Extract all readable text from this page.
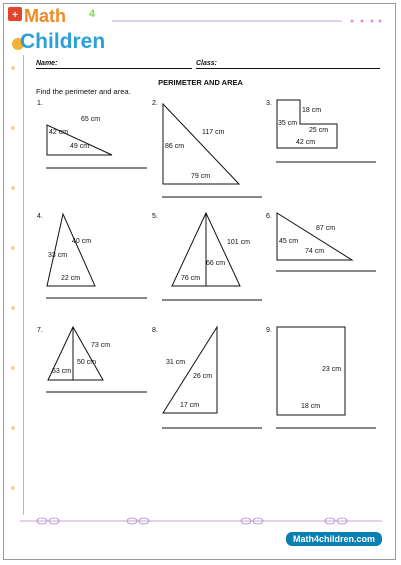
+ Math 4
Children
Name:	Class:
PERIMETER AND AREA
Find the perimeter and area.
1.	2.	3.
4.	5.	6.
7.	8.	9.
65 cm
42 cm
49 cm
117 cm
86 cm
79 cm
18 cm
35 cm
25 cm
42 cm
40 cm
33 cm
22 cm
101 cm
66 cm
76 cm
87 cm
45 cm
74 cm
73 cm
50 cm
53 cm
31 cm
26 cm
17 cm
23 cm
18 cm
Math4children.com
